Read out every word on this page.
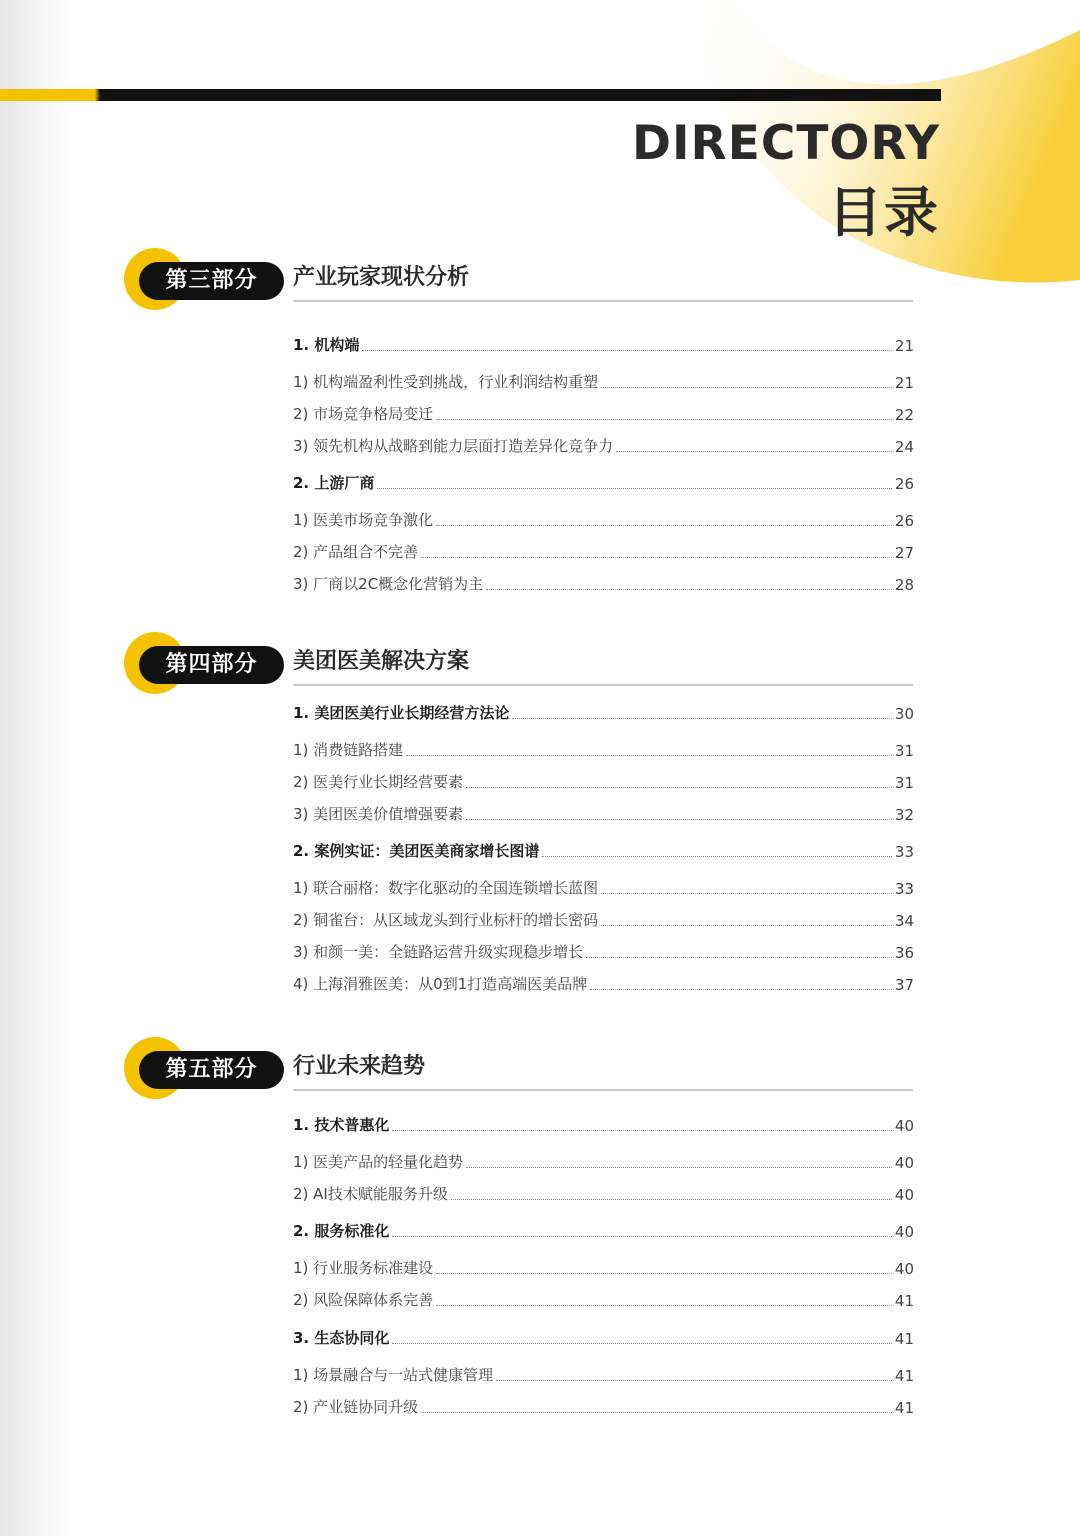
DIRECTORY
目录
第三部分	产业玩家现状分析
1. 机构端	21
1) 机构端盈利性受到挑战，行业利润结构重塑	21
2) 市场竞争格局变迁	22
3) 领先机构从战略到能力层面打造差异化竞争力	24
2. 上游厂商	26
1) 医美市场竞争激化	26
2) 产品组合不完善	27
3) 厂商以2C概念化营销为主	28
第四部分	美团医美解决方案
1. 美团医美行业长期经营方法论	30
1) 消费链路搭建	31
2) 医美行业长期经营要素	31
3) 美团医美价值增强要素	32
2. 案例实证：美团医美商家增长图谱	33
1) 联合丽格：数字化驱动的全国连锁增长蓝图	33
2) 铜雀台：从区域龙头到行业标杆的增长密码	34
3) 和颜一美：全链路运营升级实现稳步增长	36
4) 上海涓雅医美：从0到1打造高端医美品牌	37
第五部分	行业未来趋势
1. 技术普惠化	40
1) 医美产品的轻量化趋势	40
2) AI技术赋能服务升级	40
2. 服务标准化	40
1) 行业服务标准建设	40
2) 风险保障体系完善	41
3. 生态协同化	41
1) 场景融合与一站式健康管理	41
2) 产业链协同升级	41
